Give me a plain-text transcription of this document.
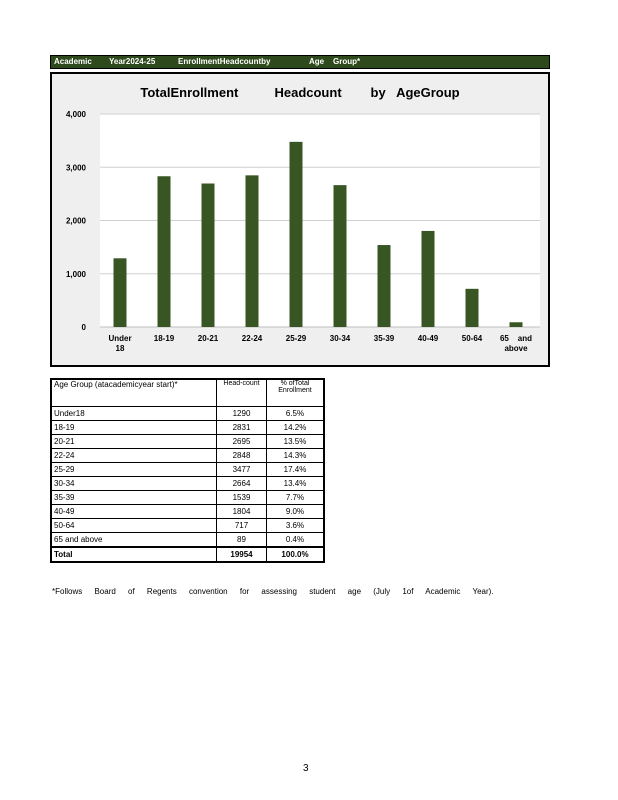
Academic Year2024-25	EnrollmentHeadcountby	Age Group*
TotalEnrollment          Headcount        by   AgeGroup
0
1,000
2,000
3,000
4,000
Under 18
18-19	20-21	22-24	25-29	30-34	35-39	40-49	50-64 65    and above
Age Group (atacademicyear start)*	Head-count	% ofTotal Enrollment
Under18	1290	6.5%
18-19	2831	14.2%
20-21	2695	13.5%
22-24	2848	14.3%
25-29	3477	17.4%
30-34	2664	13.4%
35-39	1539	7.7%
40-49	1804	9.0%
50-64	717	3.6%
65 and above	89	0.4%
Total	19954	100.0%
*Follows Board of Regents convention for assessing student age (July 1of Academic Year).
3
